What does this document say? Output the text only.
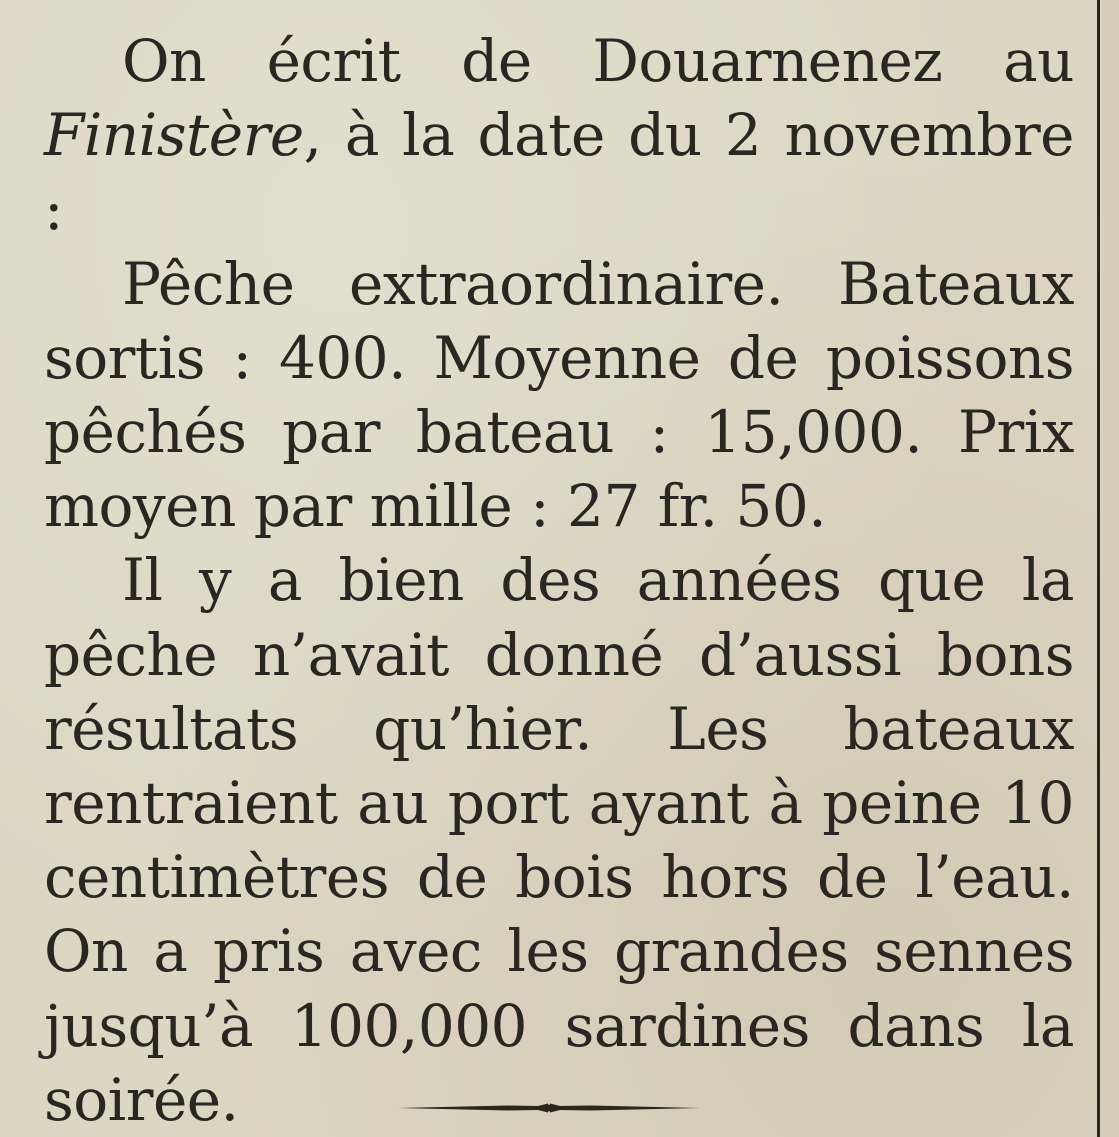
On écrit de Douarnenez au Finistère, à la date du 2 novembre :

Pêche extraordinaire. Bateaux sortis : 400. Moyenne de poissons pêchés par bateau : 15,000. Prix moyen par mille : 27 fr. 50.

Il y a bien des années que la pêche n’avait donné d’aussi bons résultats qu’hier. Les bateaux rentraient au port ayant à peine 10 centimètres de bois hors de l’eau. On a pris avec les grandes sennes jusqu’à 100,000 sardines dans la soirée.
